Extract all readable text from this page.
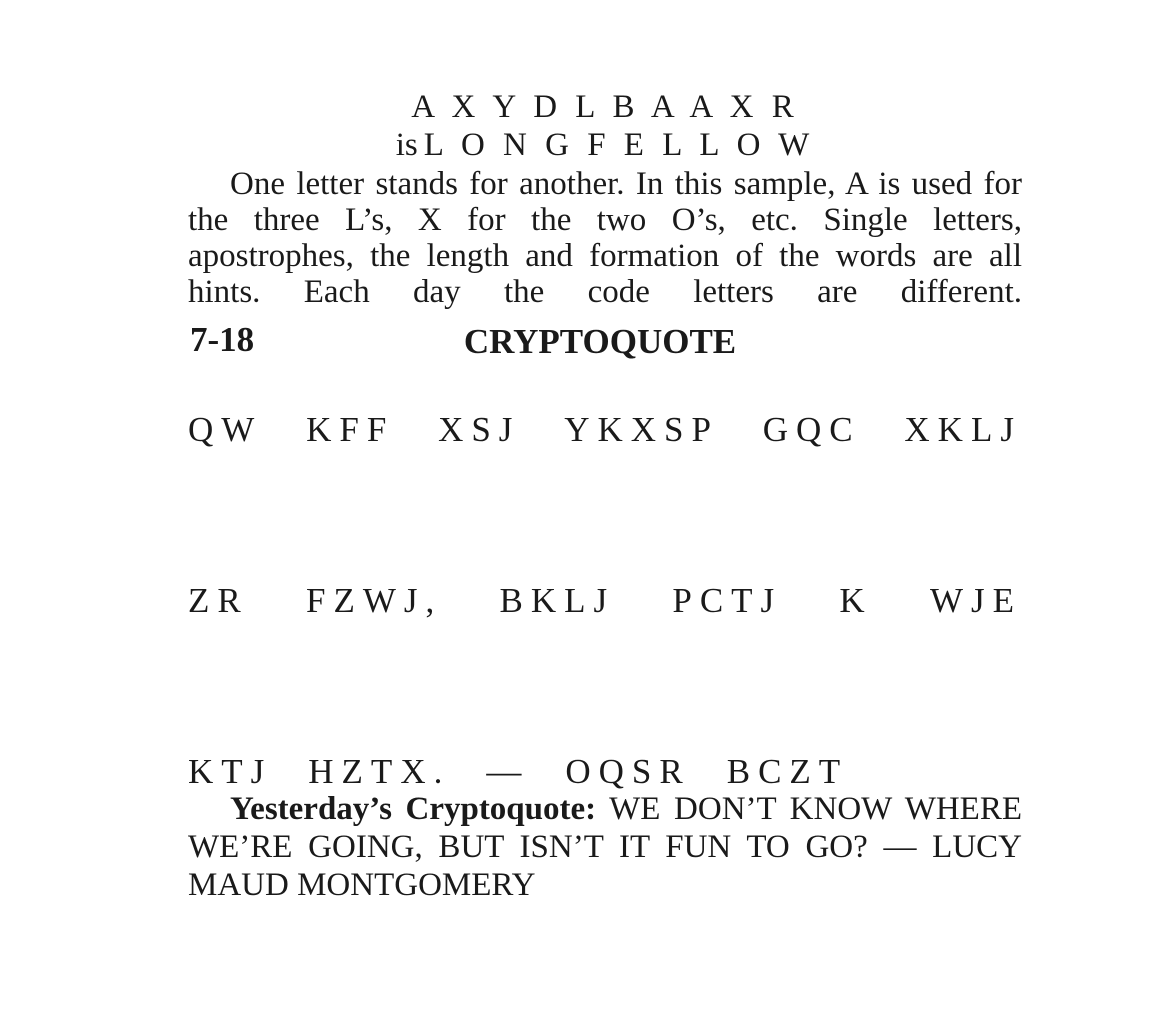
A X Y D L B A A X R
is L O N G F E L L O W
One letter stands for another. In this sample, A is used for the three L’s, X for the two O’s, etc. Single letters, apostrophes, the length and formation of the words are all hints. Each day the code letters are different.
7-18	CRYPTOQUOTE
QW KFF XSJ YKXSP GQC XKLJ
ZR FZWJ, BKLJ PCTJ K WJE
KTJ HZTX. — OQSR BCZT
Yesterday’s Cryptoquote: WE DON’T KNOW WHERE WE’RE GOING, BUT ISN’T IT FUN TO GO? — LUCY MAUD MONTGOMERY
